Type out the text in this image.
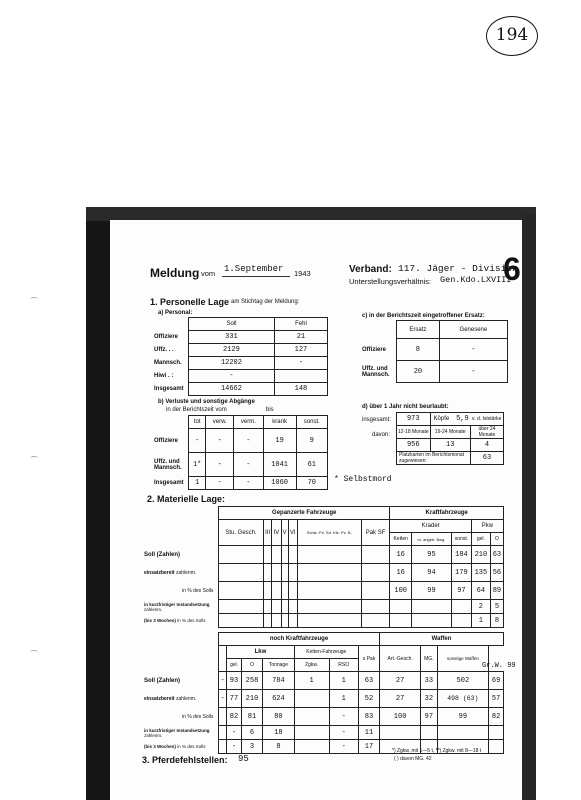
194
Meldung vom 1.September 1943	Verband: 117. Jäger - Division
Unterstellungsverhältnis: Gen.Kdo.LXVIII
6
1. Personelle Lage am Stichtag der Meldung:
a) Personal:
	Soll	Fehl
Offiziere	331	21
Uffz. . .	2129	127
Mannsch.	12202	-
Hiwi . :	-	
Insgesamt	14662	148
c) in der Berichtszeit eingetroffener Ersatz:
	Ersatz	Genesene
Offiziere	8	-
Uffz. und Mannsch.	20	-
b) Verluste und sonstige Abgänge
in der Berichtszeit vom	bis
	tot	verw.	verm.	krank	sonst.
Offiziere	-	-	-	19	9
Uffz. und Mannsch.	1*	-	-	1041	61
Insgesamt	1	-	-	1060	70 * Selbstmord
d) über 1 Jahr nicht beurlaubt:
insgesamt:
davon:
973	Köpfe	5,9	v. d. Iststärke
12-18 Monate	19-24 Monate		über 24 Monate
956	13		4
Platzkarten im Berichtsmonat zugewiesen:			63
2. Materielle Lage:
	Gepanzerte Fahrzeuge							Kraftfahrzeuge				
	Stu. Gesch.	III	IV	V	VI	Schtz. Pz. Sd. Kfz. Pz. B.	Pak SF	Krader			Pkw	
								Ketten	m. angetr. Bwg.	sonst.	gel.	O
Soll (Zahlen)								16	95	184	210	63
einsatzbereit zahlenm.								16	94	179	135	56
in % des Solls								100	99	97	64	89
in kurzfristiger Instandsetzung zahlenm.											2	5
(bis 3 Wochen) in % des Solls											1	8
	noch Kraftfahrzeuge							Waffen			
		Lkw			Ketten-Fahrzeuge		s Pak	Art.-Gesch.	MG.	sonstige Waffen
		gel.	O	Tonnage	Zgkw.	RSO					
Soll (Zahlen)	-	93	258	784	1	1	63	27	33	502	69
einsatzbereit zahlenm.	-	77	210	624		1	52	27	32	498 (63)	57
in % des Solls		82	81	80		-	83	100	97	99	82
in kurzfristiger Instandsetzung zahlenm.		-	6	18		-	11				
(bis 3 Wochen) in % des Solls		-	3	8		-	17				
Gr.W. 99
*) Zgkw. mit 1—5 t, **) Zgkw. mit 8—18 t
( ) davon MG. 42
3. Pferdefehlstellen: 95
